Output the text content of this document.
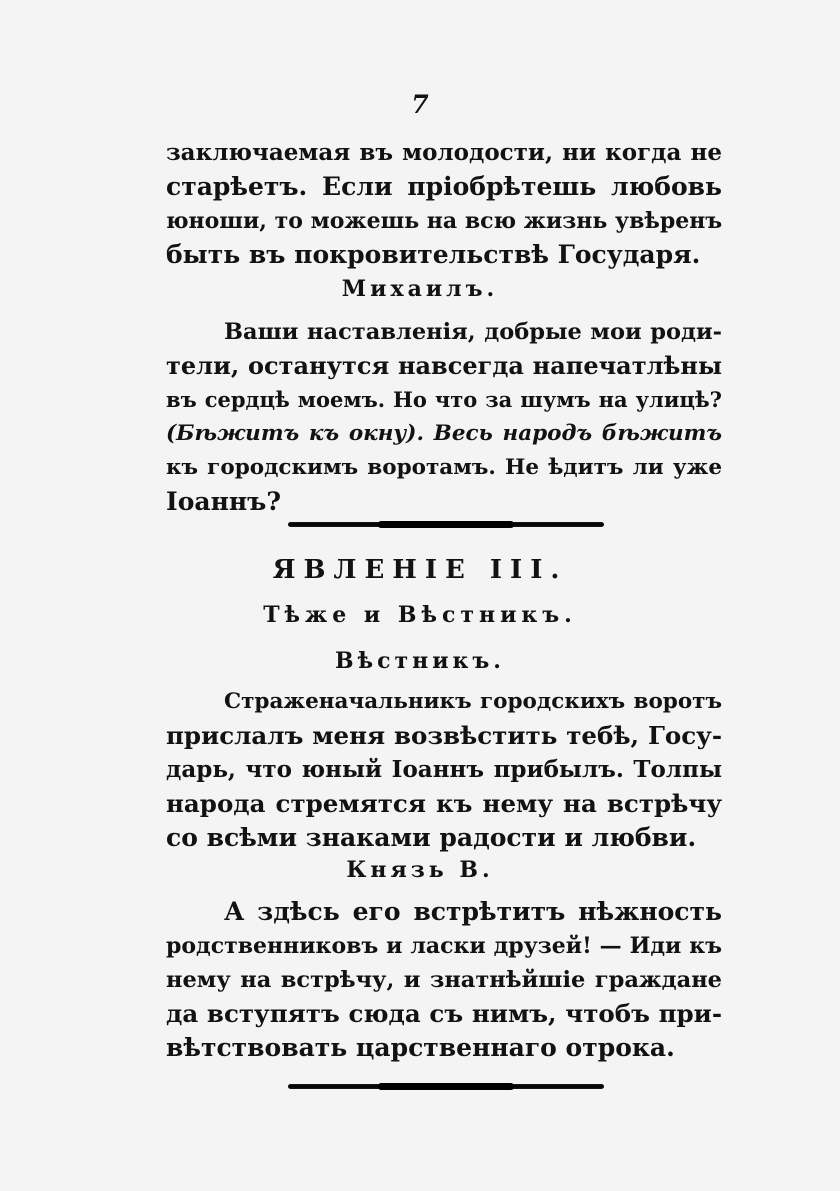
7
заключаемая въ молодости, ни когда не
старѣетъ. Если пріобрѣтешь любовь
юноши, то можешь на всю жизнь увѣренъ
быть въ покровительствѣ Государя.
Михаилъ.
Ваши наставленія, добрые мои роди-
тели, останутся навсегда напечатлѣны
въ сердцѣ моемъ. Но что за шумъ на улицѣ?
(Бѣжитъ къ окну). Весь народъ бѣжитъ
къ городскимъ воротамъ. Не ѣдитъ ли уже
Іоаннъ?
ЯВЛЕНІЕ III.
Тѣже и Вѣстникъ.
Вѣстникъ.
Страженачальникъ городскихъ воротъ
прислалъ меня возвѣстить тебѣ, Госу-
дарь, что юный Іоаннъ прибылъ. Толпы
народа стремятся къ нему на встрѣчу
со всѣми знаками радости и любви.
Князь В.
А здѣсь его встрѣтитъ нѣжность
родственниковъ и ласки друзей! — Иди къ
нему на встрѣчу, и знатнѣйшіе граждане
да вступятъ сюда съ нимъ, чтобъ при-
вѣтствовать царственнаго отрока.
